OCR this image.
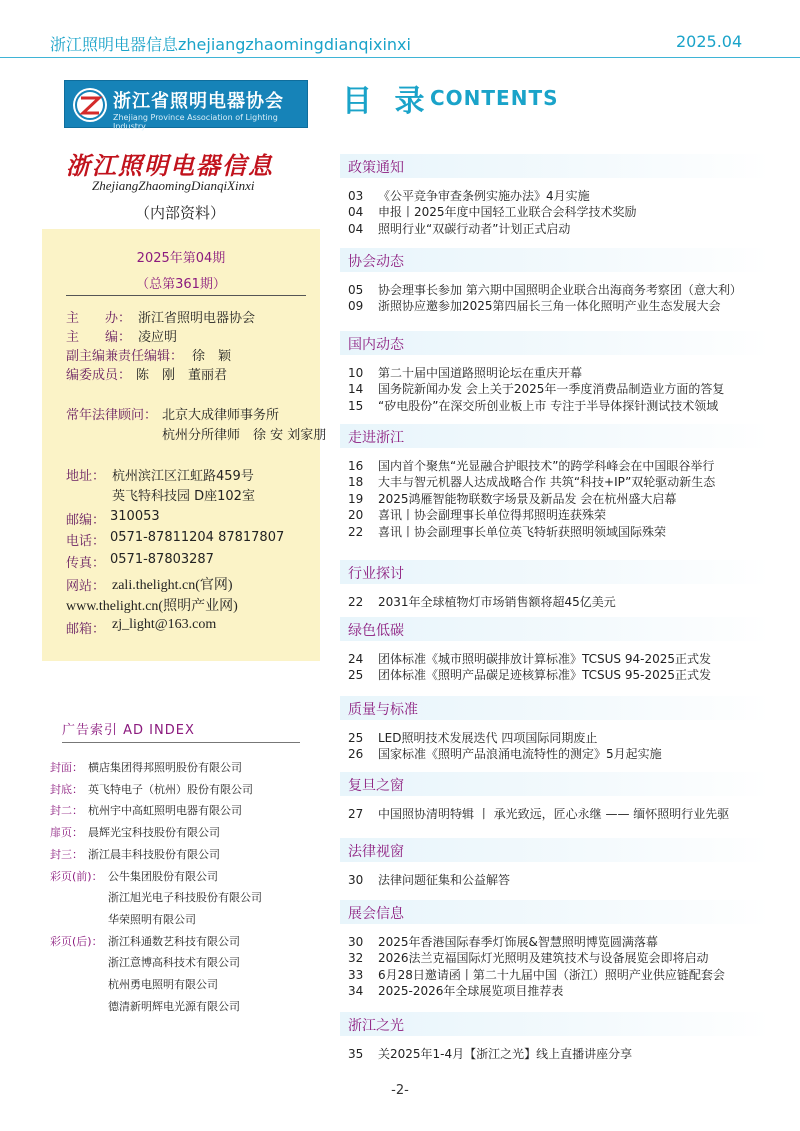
浙江照明电器信息zhejiangzhaomingdianqixinxi	2025.04
浙江省照明电器协会
Zhejiang Province Association of Lighting Industry
浙江照明电器信息
ZhejiangZhaomingDianqiXinxi
（内部资料）
2025年第04期
（总第361期）
主　　办： 浙江省照明电器协会
主　　编： 凌应明
副主编兼责任编辑： 徐　颖
编委成员： 陈　刚　董丽君
常年法律顾问： 北京大成律师事务所
杭州分所律师　徐 安 刘家朋
地址： 杭州滨江区江虹路459号
英飞特科技园 D座102室
邮编： 310053
电话： 0571-87811204 87817807
传真： 0571-87803287
网站： zali.thelight.cn(官网)
www.thelight.cn(照明产业网)
邮箱： zj_light@163.com
广告索引 AD INDEX
封面： 横店集团得邦照明股份有限公司
封底： 英飞特电子（杭州）股份有限公司
封二： 杭州宇中高虹照明电器有限公司
扉页： 晨辉光宝科技股份有限公司
封三： 浙江晨丰科技股份有限公司
彩页(前)： 公牛集团股份有限公司
浙江旭光电子科技股份有限公司
华荣照明有限公司
彩页(后)： 浙江科通数艺科技有限公司
浙江意博高科技术有限公司
杭州勇电照明有限公司
德清新明辉电光源有限公司
目 录 CONTENTS
政策通知
03 《公平竞争审查条例实施办法》4月实施
04 申报丨2025年度中国轻工业联合会科学技术奖励
04 照明行业“双碳行动者”计划正式启动
协会动态
05 协会理事长参加 第六期中国照明企业联合出海商务考察团（意大利）
09 浙照协应邀参加2025第四届长三角一体化照明产业生态发展大会
国内动态
10 第二十届中国道路照明论坛在重庆开幕
14 国务院新闻办发 会上关于2025年一季度消费品制造业方面的答复
15 “矽电股份”在深交所创业板上市 专注于半导体探针测试技术领域
走进浙江
16 国内首个聚焦“光显融合护眼技术”的跨学科峰会在中国眼谷举行
18 大丰与智元机器人达成战略合作 共筑“科技+IP”双轮驱动新生态
19 2025鸿雁智能物联数字场景及新品发 会在杭州盛大启幕
20 喜讯丨协会副理事长单位得邦照明连获殊荣
22 喜讯丨协会副理事长单位英飞特斩获照明领域国际殊荣
行业探讨
22 2031年全球植物灯市场销售额将超45亿美元
绿色低碳
24 团体标准《城市照明碳排放计算标准》TCSUS 94-2025正式发
25 团体标准《照明产品碳足迹核算标准》TCSUS 95-2025正式发
质量与标准
25 LED照明技术发展迭代 四项国际同期废止
26 国家标准《照明产品浪涌电流特性的测定》5月起实施
复旦之窗
27 中国照协清明特辑 丨 承光致远，匠心永继 —— 缅怀照明行业先驱
法律视窗
30 法律问题征集和公益解答
展会信息
30 2025年香港国际春季灯饰展&智慧照明博览圆满落幕
32 2026法兰克福国际灯光照明及建筑技术与设备展览会即将启动
33 6月28日邀请函丨第二十九届中国（浙江）照明产业供应链配套会
34 2025-2026年全球展览项目推荐表
浙江之光
35 关2025年1-4月【浙江之光】线上直播讲座分享
-2-
